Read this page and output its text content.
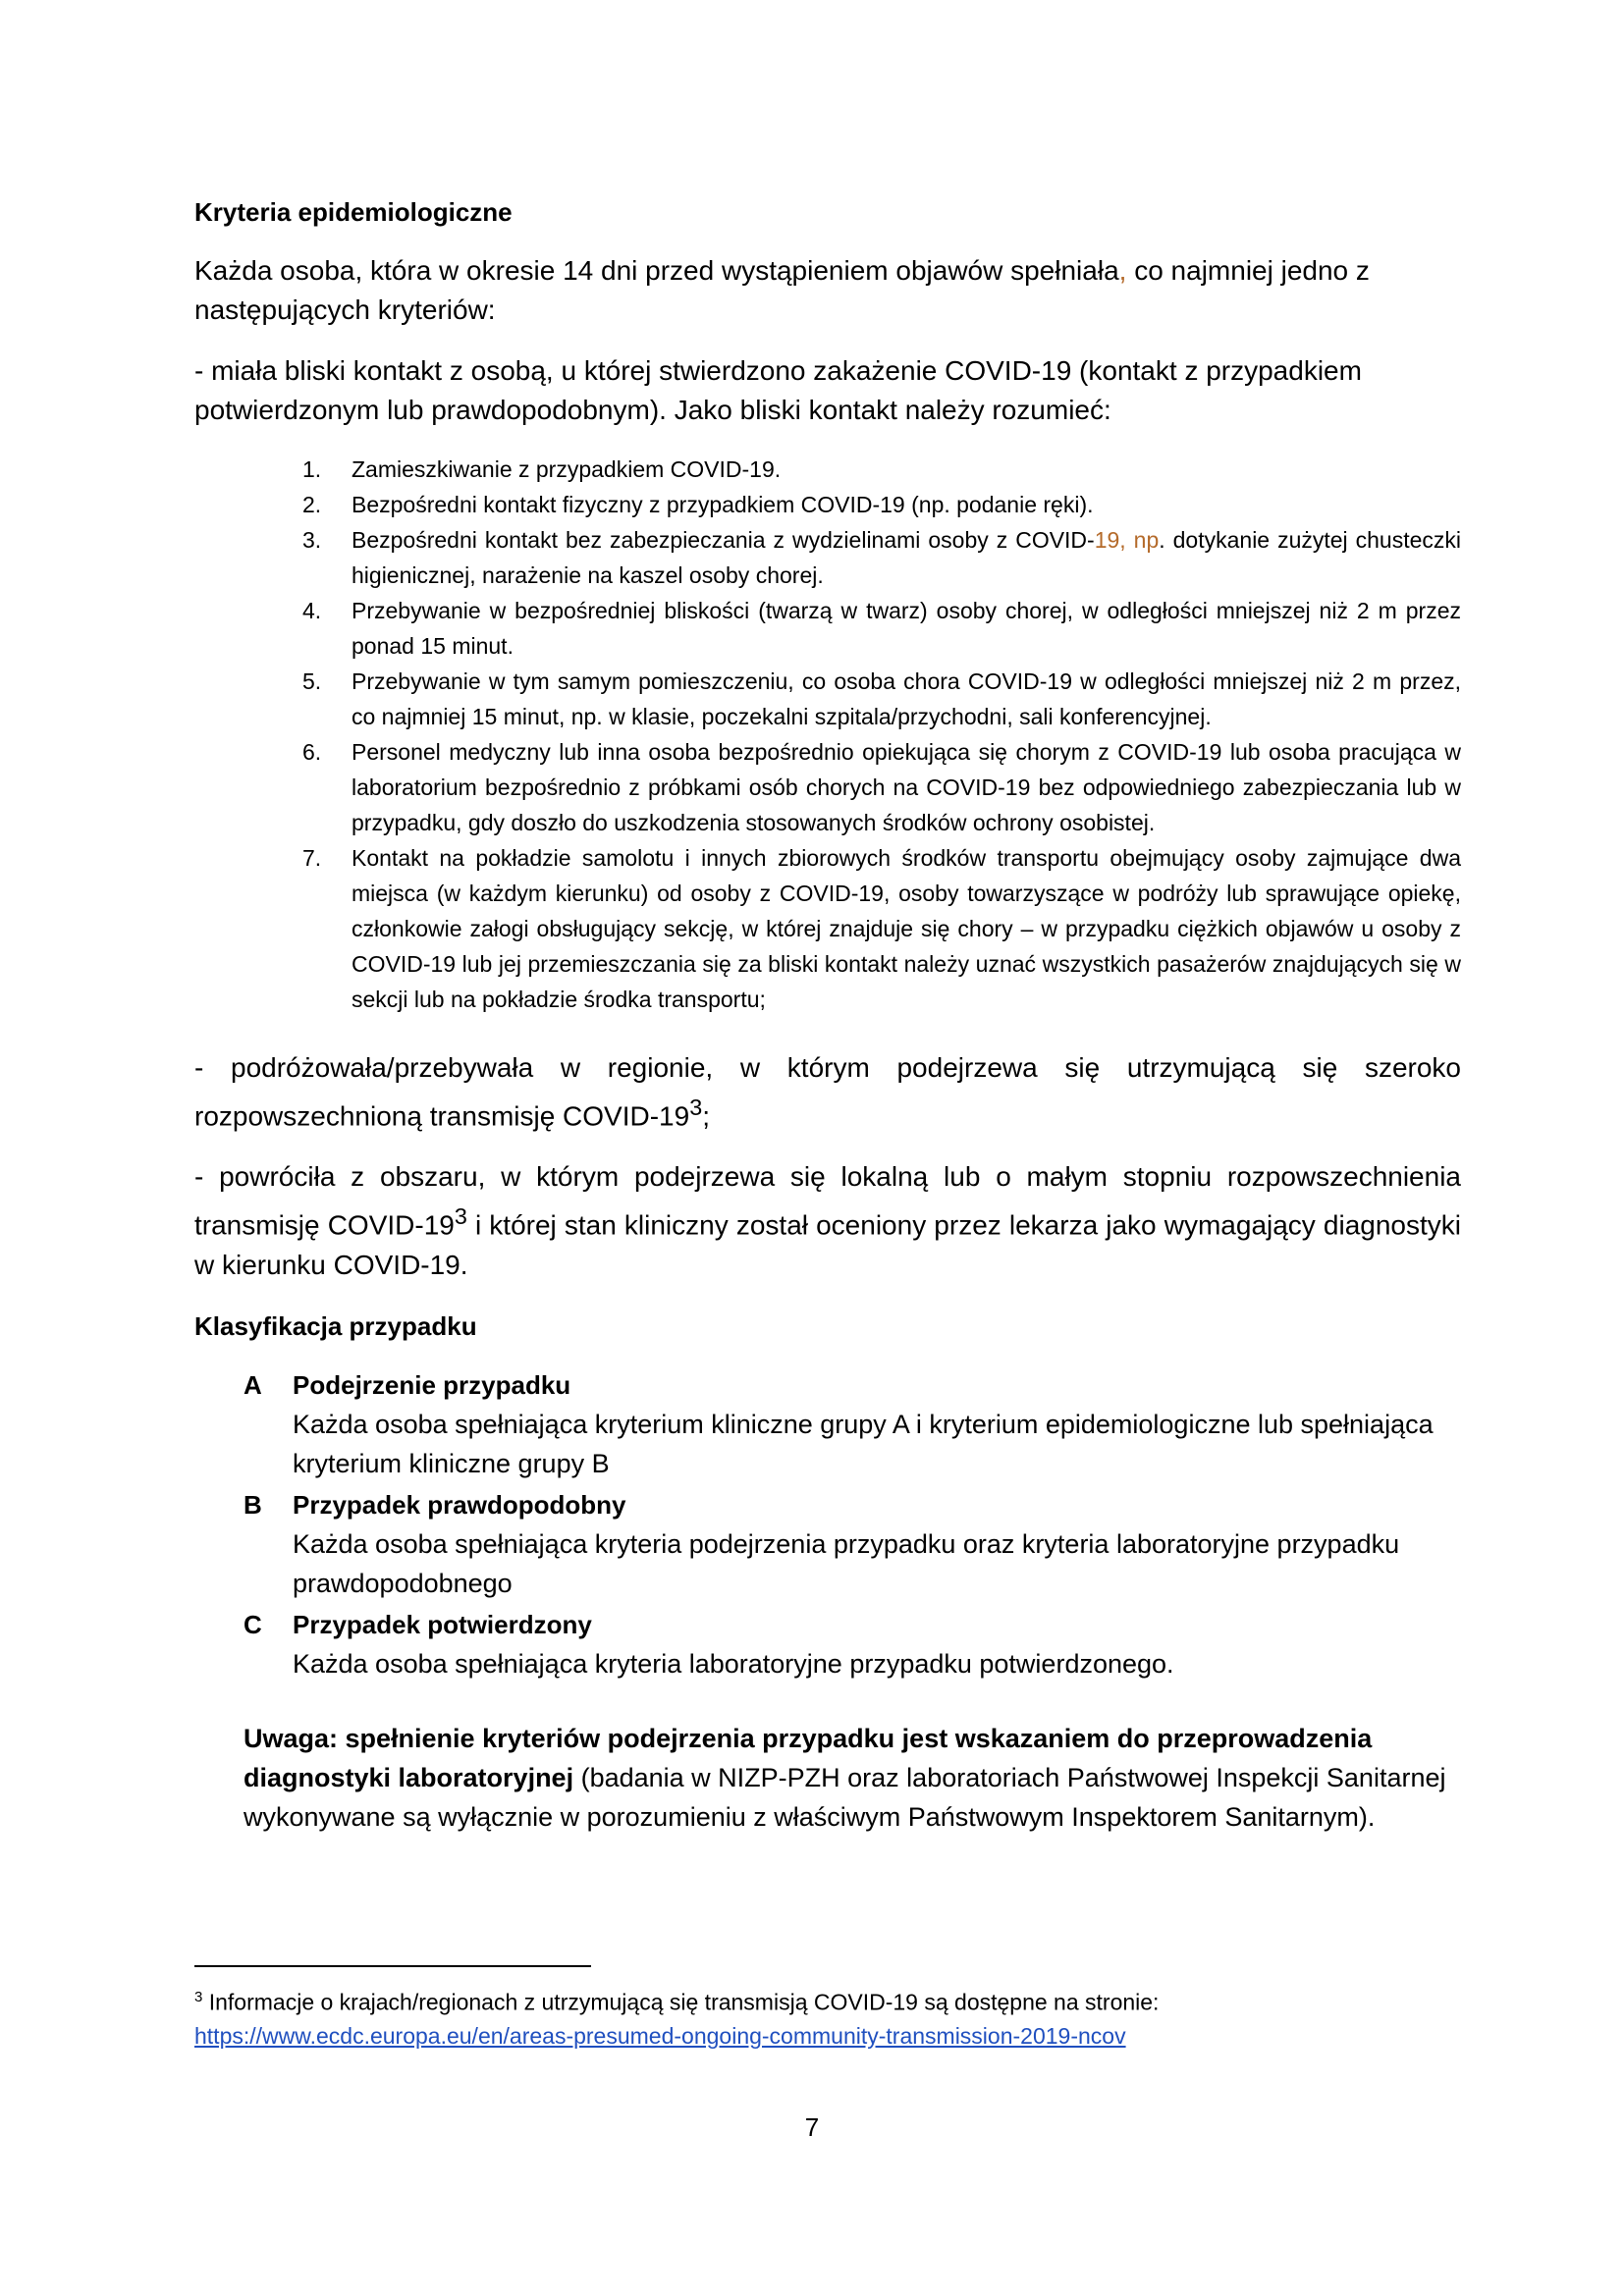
Kryteria epidemiologiczne

Każda osoba, która w okresie 14 dni przed wystąpieniem objawów spełniała, co najmniej jedno z następujących kryteriów:

- miała bliski kontakt z osobą, u której stwierdzono zakażenie COVID-19 (kontakt z przypadkiem potwierdzonym lub prawdopodobnym). Jako bliski kontakt należy rozumieć:

1.	Zamieszkiwanie z przypadkiem COVID-19.
2.	Bezpośredni kontakt fizyczny z przypadkiem COVID-19 (np. podanie ręki).
3.	Bezpośredni kontakt bez zabezpieczania z wydzielinami osoby z COVID-19, np. dotykanie zużytej chusteczki higienicznej, narażenie na kaszel osoby chorej.
4.	Przebywanie w bezpośredniej bliskości (twarzą w twarz) osoby chorej, w odległości mniejszej niż 2 m przez ponad 15 minut.
5.	Przebywanie w tym samym pomieszczeniu, co osoba chora COVID-19 w odległości mniejszej niż 2 m przez, co najmniej 15 minut, np. w klasie, poczekalni szpitala/przychodni, sali konferencyjnej.
6.	Personel medyczny lub inna osoba bezpośrednio opiekująca się chorym z COVID-19 lub osoba pracująca w laboratorium bezpośrednio z próbkami osób chorych na COVID-19 bez odpowiedniego zabezpieczania lub w przypadku, gdy doszło do uszkodzenia stosowanych środków ochrony osobistej.
7.	Kontakt na pokładzie samolotu i innych zbiorowych środków transportu obejmujący osoby zajmujące dwa miejsca (w każdym kierunku) od osoby z COVID-19, osoby towarzyszące w podróży lub sprawujące opiekę, członkowie załogi obsługujący sekcję, w której znajduje się chory – w przypadku ciężkich objawów u osoby z COVID-19 lub jej przemieszczania się za bliski kontakt należy uznać wszystkich pasażerów znajdujących się w sekcji lub na pokładzie środka transportu;

- podróżowała/przebywała w regionie, w którym podejrzewa się utrzymującą się szeroko rozpowszechnioną transmisję COVID-$19^3$;

- powróciła z obszaru, w którym podejrzewa się lokalną lub o małym stopniu rozpowszechnienia transmisję COVID-$19^3$ i której stan kliniczny został oceniony przez lekarza jako wymagający diagnostyki w kierunku COVID-19.

Klasyfikacja przypadku
A Podejrzenie przypadku
Każda osoba spełniająca kryterium kliniczne grupy A i kryterium epidemiologiczne lub spełniająca kryterium kliniczne grupy B
B Przypadek prawdopodobny
Każda osoba spełniająca kryteria podejrzenia przypadku oraz kryteria laboratoryjne przypadku prawdopodobnego
C Przypadek potwierdzony
Każda osoba spełniająca kryteria laboratoryjne przypadku potwierdzonego.

Uwaga: spełnienie kryteriów podejrzenia przypadku jest wskazaniem do przeprowadzenia diagnostyki laboratoryjnej (badania w NIZP-PZH oraz laboratoriach Państwowej Inspekcji Sanitarnej wykonywane są wyłącznie w porozumieniu z właściwym Państwowym Inspektorem Sanitarnym).

$^3$ Informacje o krajach/regionach z utrzymującą się transmisją COVID-19 są dostępne na stronie:
https://www.ecdc.europa.eu/en/areas-presumed-ongoing-community-transmission-2019-ncov
7
